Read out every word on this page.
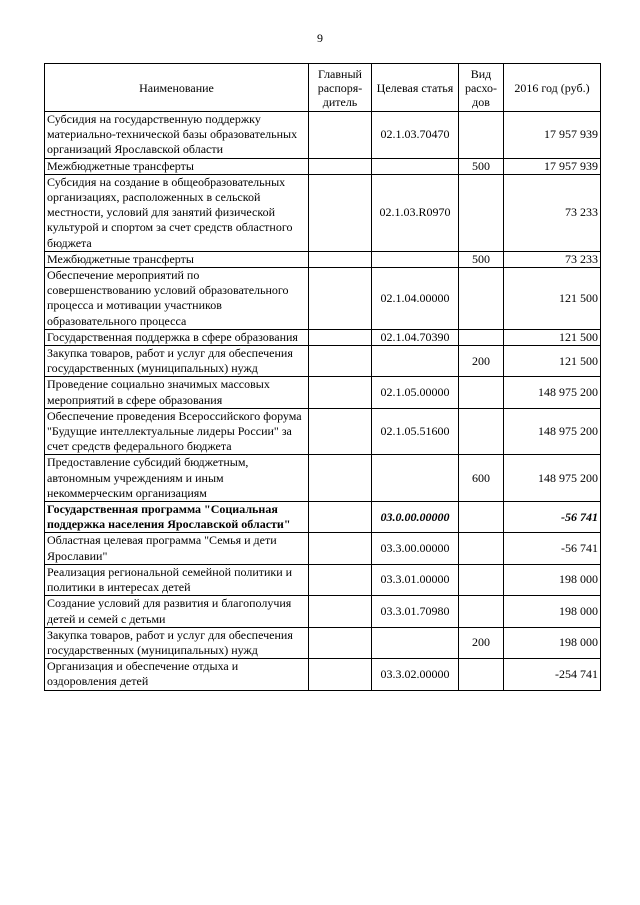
9
Наименование	Главный распоря-дитель	Целевая статья	Вид расхо-дов	2016 год (руб.)
Субсидия на государственную поддержку материально-технической базы образовательных организаций Ярославской области		02.1.03.70470		17 957 939
Межбюджетные трансферты			500	17 957 939
Субсидия на создание в общеобразовательных организациях, расположенных в сельской местности, условий для занятий физической культурой и спортом за счет средств областного бюджета		02.1.03.R0970		73 233
Межбюджетные трансферты			500	73 233
Обеспечение мероприятий по совершенствованию условий образовательного процесса и мотивации участников образовательного процесса		02.1.04.00000		121 500
Государственная поддержка в сфере образования		02.1.04.70390		121 500
Закупка товаров, работ и услуг для обеспечения государственных (муниципальных) нужд			200	121 500
Проведение социально значимых массовых мероприятий в сфере образования		02.1.05.00000		148 975 200
Обеспечение проведения Всероссийского форума "Будущие интеллектуальные лидеры России" за счет средств федерального бюджета		02.1.05.51600		148 975 200
Предоставление субсидий бюджетным, автономным учреждениям и иным некоммерческим организациям			600	148 975 200
Государственная программа "Социальная поддержка населения Ярославской области"		03.0.00.00000		-56 741
Областная целевая программа "Семья и дети Ярославии"		03.3.00.00000		-56 741
Реализация региональной семейной политики и политики в интересах детей		03.3.01.00000		198 000
Создание условий для развития и благополучия детей и семей с детьми		03.3.01.70980		198 000
Закупка товаров, работ и услуг для обеспечения государственных (муниципальных) нужд			200	198 000
Организация и обеспечение отдыха и оздоровления детей		03.3.02.00000		-254 741
